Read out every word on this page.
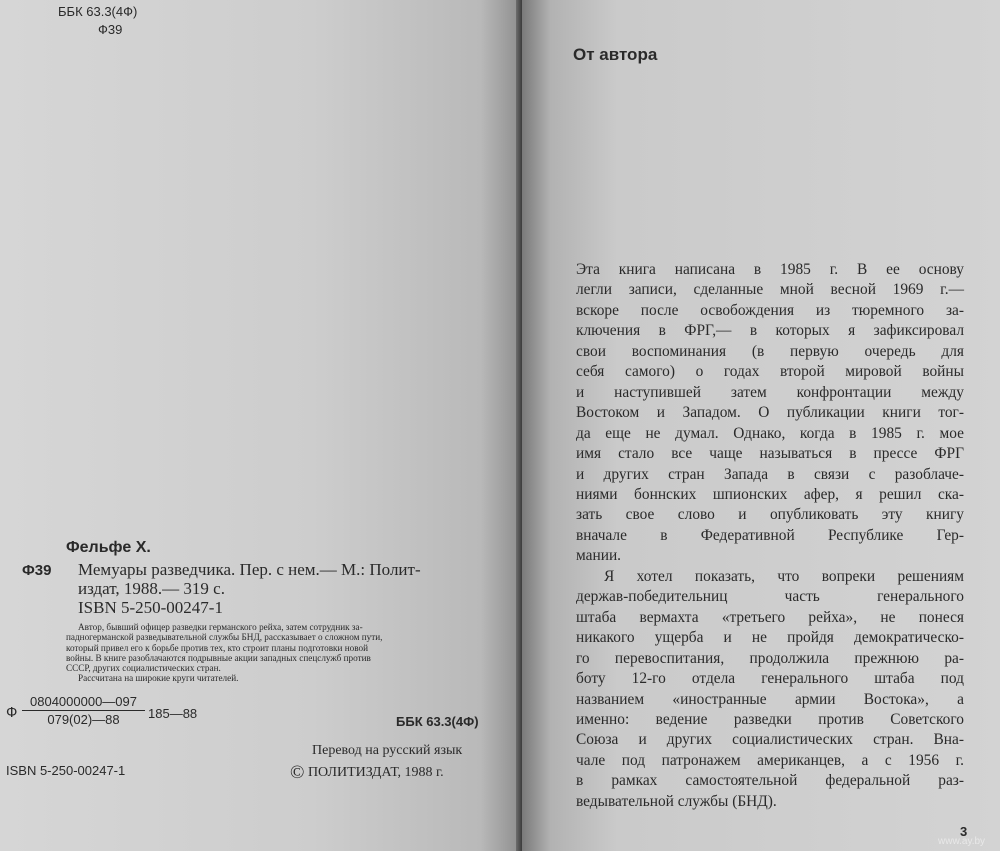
ББК 63.3(4Ф)
Ф39
Фельфе X.
Ф39	Мемуары разведчика. Пер. с нем.— М.: Полит-
издат, 1988.— 319 с.
ISBN 5-250-00247-1
Автор, бывший офицер разведки германского рейха, затем сотрудник за-
падногерманской разведывательной службы БНД, рассказывает о сложном пути,
который привел его к борьбе против тех, кто строит планы подготовки новой
войны. В книге разоблачаются подрывные акции западных спецслужб против
СССР, других социалистических стран.
Рассчитана на широкие круги читателей.
Ф $\frac{0804000000—097}{079(02)—88}$ 185—88
ББК 63.3(4Ф)
ISBN 5-250-00247-1
Перевод на русский язык
© ПОЛИТИЗДАТ, 1988 г.
От автора
Эта книга написана в 1985 г. В ее основу
легли записи, сделанные мной весной 1969 г.—
вскоре после освобождения из тюремного за-
ключения в ФРГ,— в которых я зафиксировал
свои воспоминания (в первую очередь для
себя самого) о годах второй мировой войны
и наступившей затем конфронтации между
Востоком и Западом. О публикации книги тог-
да еще не думал. Однако, когда в 1985 г. мое
имя стало все чаще называться в прессе ФРГ
и других стран Запада в связи с разоблаче-
ниями боннских шпионских афер, я решил ска-
зать свое слово и опубликовать эту книгу
вначале в Федеративной Республике Гер-
мании.
Я хотел показать, что вопреки решениям
держав-победительниц часть генерального
штаба вермахта «третьего рейха», не понеся
никакого ущерба и не пройдя демократическо-
го перевоспитания, продолжила прежнюю ра-
боту 12-го отдела генерального штаба под
названием «иностранные армии Востока», а
именно: ведение разведки против Советского
Союза и других социалистических стран. Вна-
чале под патронажем американцев, а с 1956 г.
в рамках самостоятельной федеральной раз-
ведывательной службы (БНД).
3
www.ay.by
